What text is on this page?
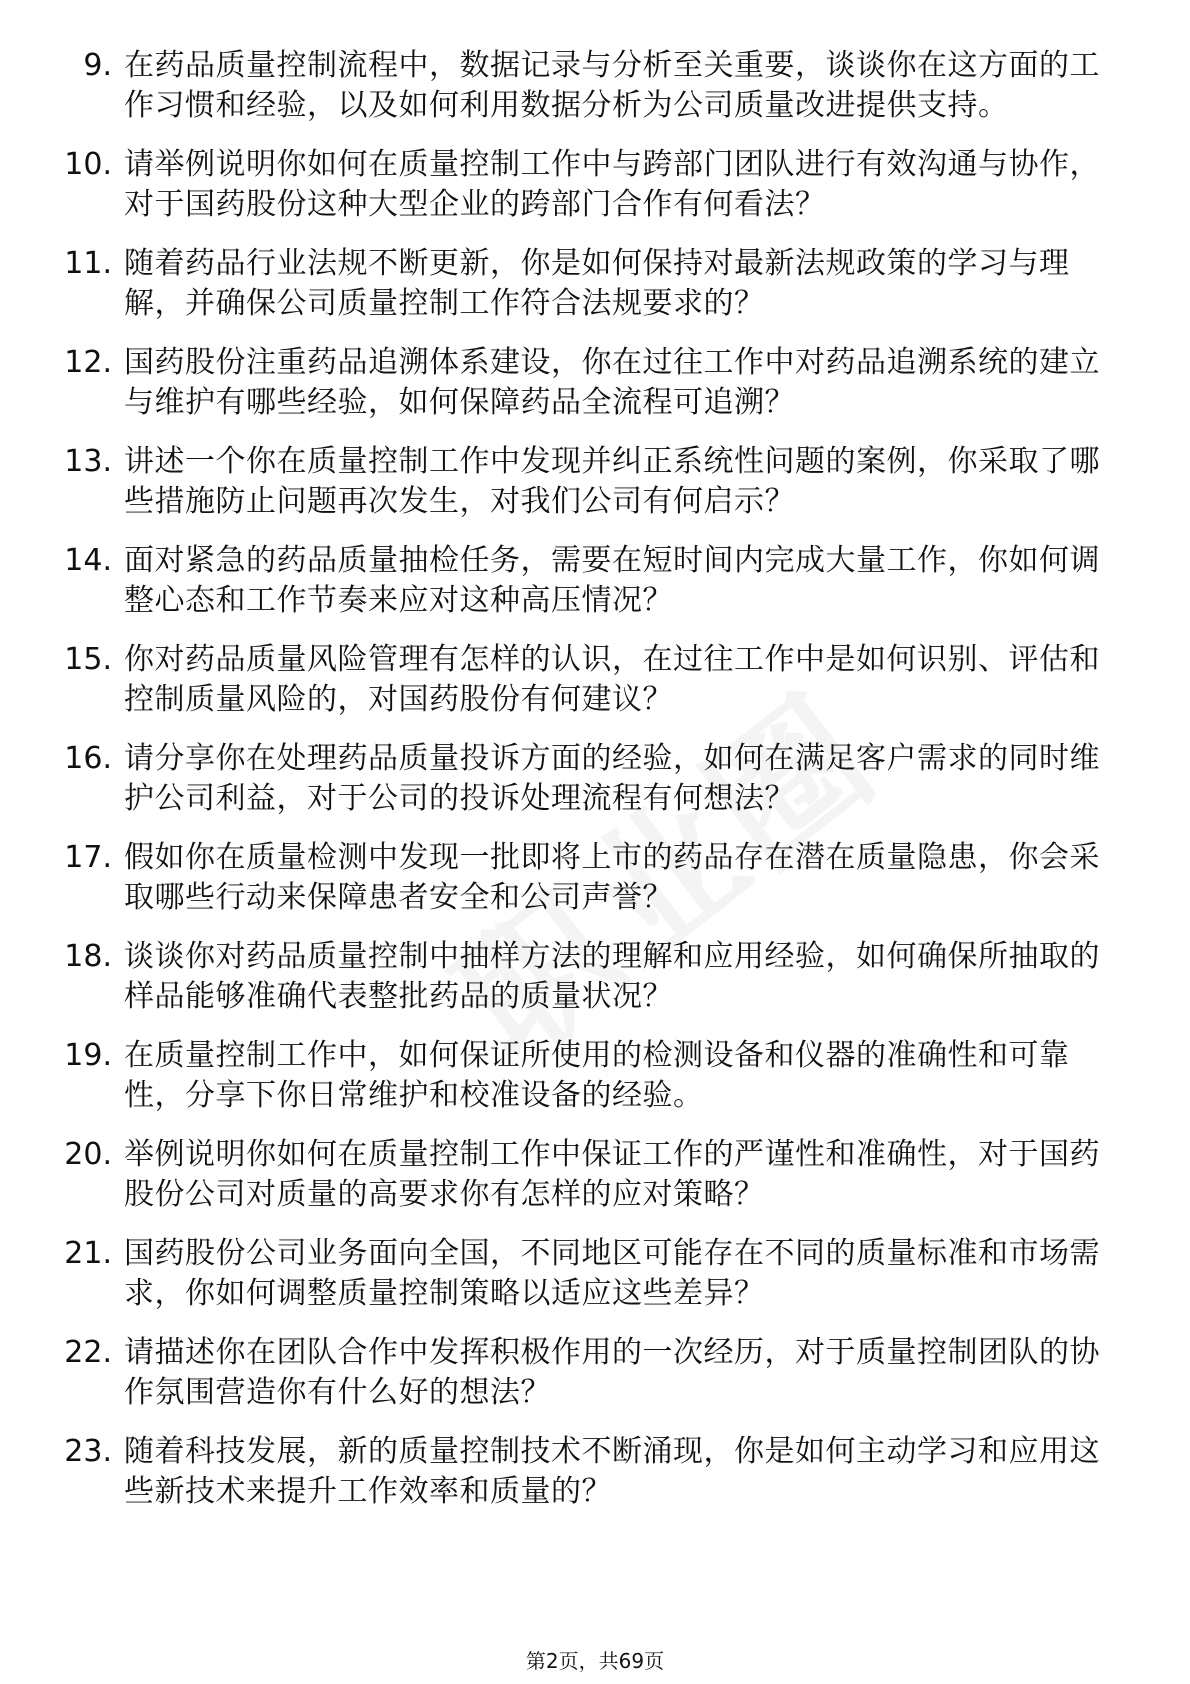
9. 在药品质量控制流程中，数据记录与分析至关重要，谈谈你在这方面的工作习惯和经验，以及如何利用数据分析为公司质量改进提供支持。
10. 请举例说明你如何在质量控制工作中与跨部门团队进行有效沟通与协作，对于国药股份这种大型企业的跨部门合作有何看法？
11. 随着药品行业法规不断更新，你是如何保持对最新法规政策的学习与理解，并确保公司质量控制工作符合法规要求的？
12. 国药股份注重药品追溯体系建设，你在过往工作中对药品追溯系统的建立与维护有哪些经验，如何保障药品全流程可追溯？
13. 讲述一个你在质量控制工作中发现并纠正系统性问题的案例，你采取了哪些措施防止问题再次发生，对我们公司有何启示？
14. 面对紧急的药品质量抽检任务，需要在短时间内完成大量工作，你如何调整心态和工作节奏来应对这种高压情况？
15. 你对药品质量风险管理有怎样的认识，在过往工作中是如何识别、评估和控制质量风险的，对国药股份有何建议？
16. 请分享你在处理药品质量投诉方面的经验，如何在满足客户需求的同时维护公司利益，对于公司的投诉处理流程有何想法？
17. 假如你在质量检测中发现一批即将上市的药品存在潜在质量隐患，你会采取哪些行动来保障患者安全和公司声誉？
18. 谈谈你对药品质量控制中抽样方法的理解和应用经验，如何确保所抽取的样品能够准确代表整批药品的质量状况？
19. 在质量控制工作中，如何保证所使用的检测设备和仪器的准确性和可靠性，分享下你日常维护和校准设备的经验。
20. 举例说明你如何在质量控制工作中保证工作的严谨性和准确性，对于国药股份公司对质量的高要求你有怎样的应对策略？
21. 国药股份公司业务面向全国，不同地区可能存在不同的质量标准和市场需求，你如何调整质量控制策略以适应这些差异？
22. 请描述你在团队合作中发挥积极作用的一次经历，对于质量控制团队的协作氛围营造你有什么好的想法？
23. 随着科技发展，新的质量控制技术不断涌现，你是如何主动学习和应用这些新技术来提升工作效率和质量的？
第2页，共69页
